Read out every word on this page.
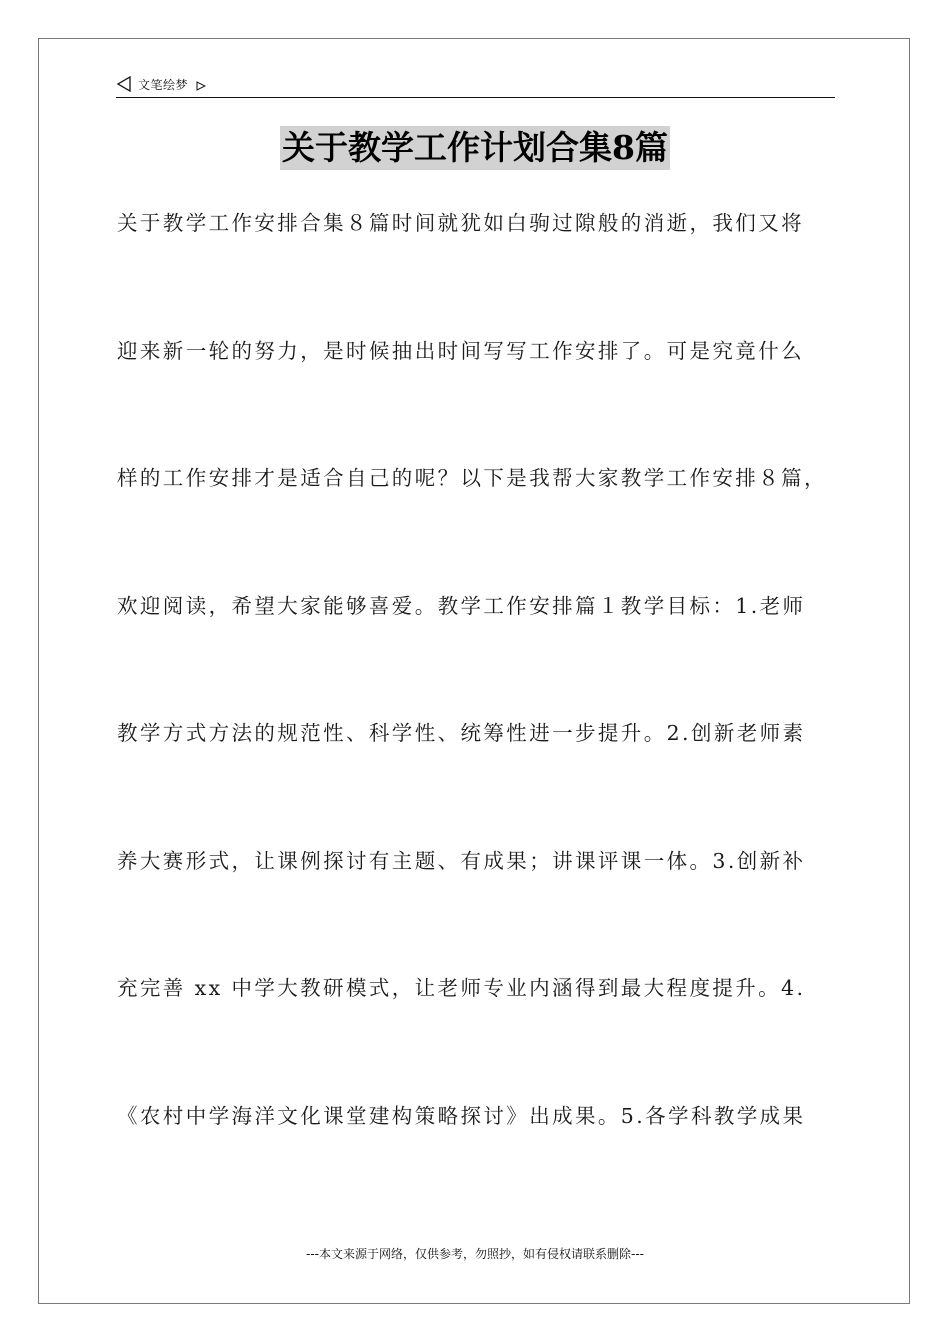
文笔绘梦
关于教学工作计划合集8篇
关于教学工作安排合集８篇时间就犹如白驹过隙般的消逝，我们又将
迎来新一轮的努力，是时候抽出时间写写工作安排了。可是究竟什么
样的工作安排才是适合自己的呢？以下是我帮大家教学工作安排８篇，
欢迎阅读，希望大家能够喜爱。教学工作安排篇１教学目标：1.老师
教学方式方法的规范性、科学性、统筹性进一步提升。2.创新老师素
养大赛形式，让课例探讨有主题、有成果；讲课评课一体。3.创新补
充完善 xx 中学大教研模式，让老师专业内涵得到最大程度提升。4.
《农村中学海洋文化课堂建构策略探讨》出成果。5.各学科教学成果
---本文来源于网络，仅供参考，勿照抄，如有侵权请联系删除---
